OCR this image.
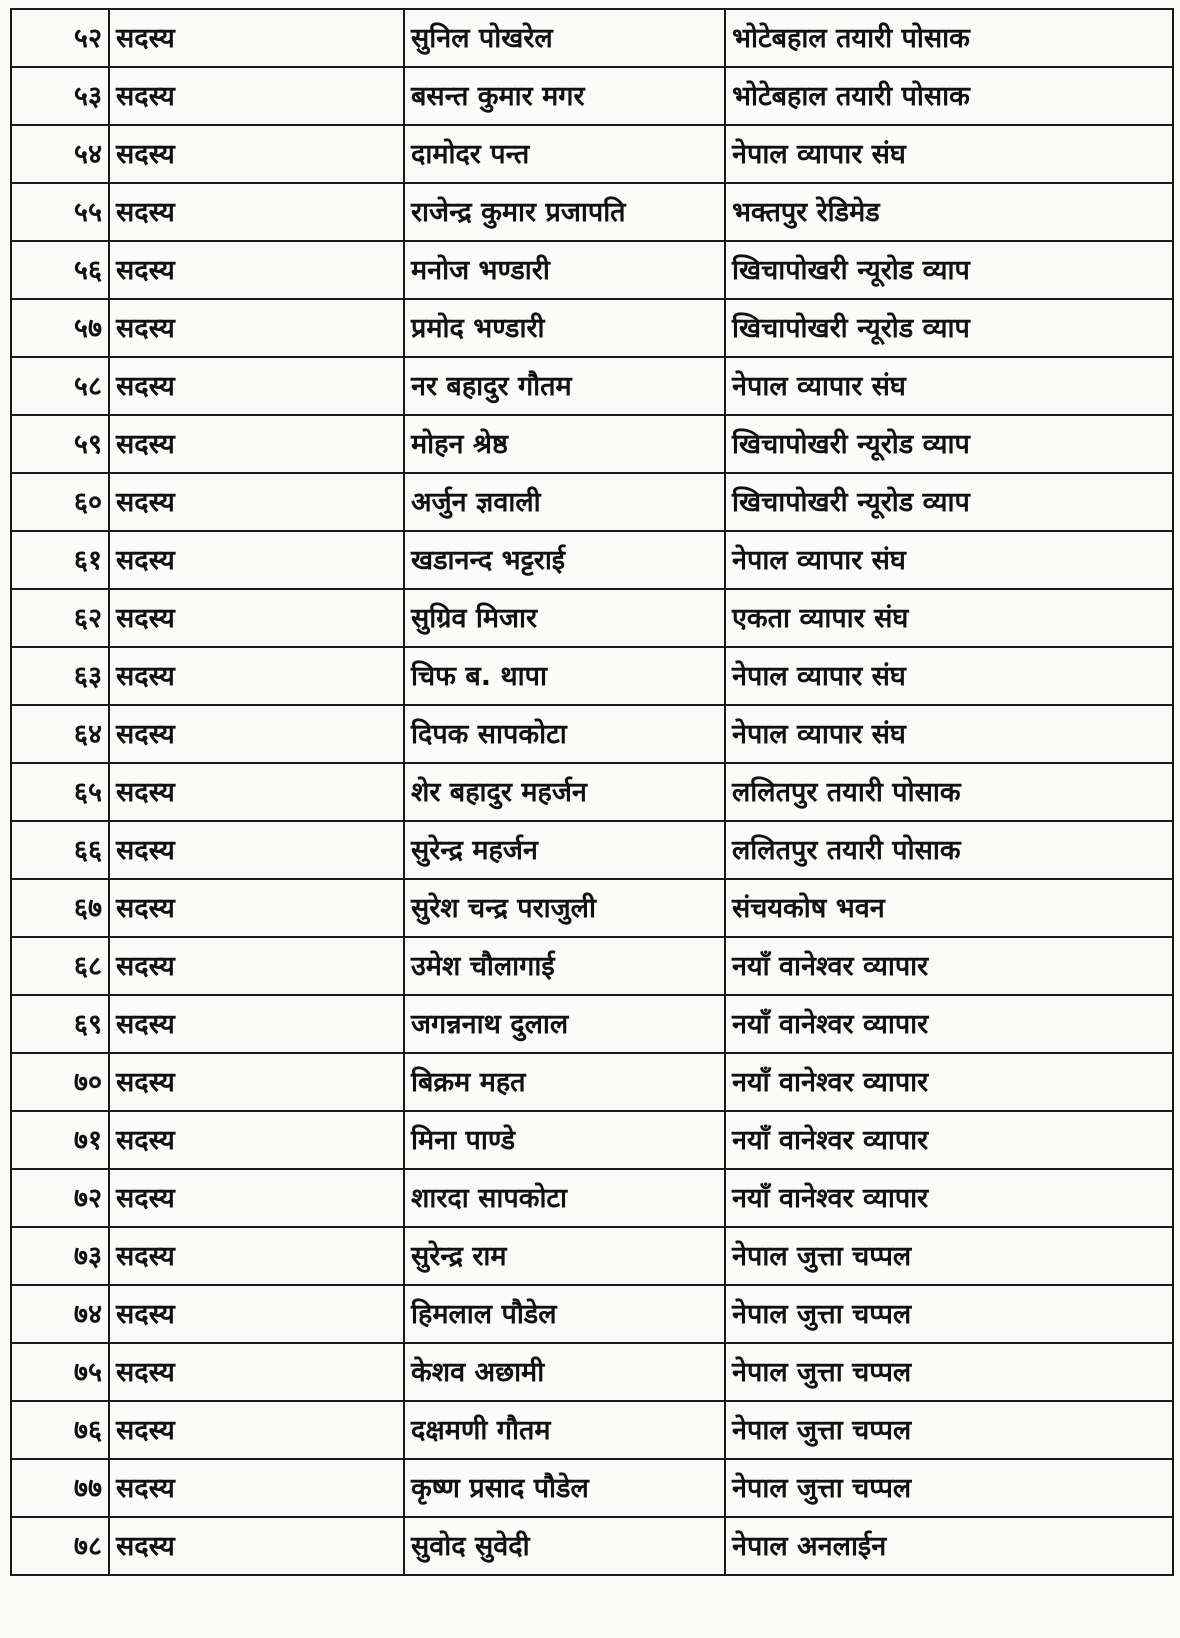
५२	सदस्य	सुनिल पोखरेल	भोटेबहाल तयारी पोसाक
५३	सदस्य	बसन्त कुमार मगर	भोटेबहाल तयारी पोसाक
५४	सदस्य	दामोदर पन्त	नेपाल व्यापार संघ
५५	सदस्य	राजेन्द्र कुमार प्रजापति	भक्तपुर रेडिमेड
५६	सदस्य	मनोज भण्डारी	खिचापोखरी न्यूरोड व्याप
५७	सदस्य	प्रमोद भण्डारी	खिचापोखरी न्यूरोड व्याप
५८	सदस्य	नर बहादुर गौतम	नेपाल व्यापार संघ
५९	सदस्य	मोहन श्रेष्ठ	खिचापोखरी न्यूरोड व्याप
६०	सदस्य	अर्जुन ज्ञवाली	खिचापोखरी न्यूरोड व्याप
६१	सदस्य	खडानन्द भट्टराई	नेपाल व्यापार संघ
६२	सदस्य	सुग्रिव मिजार	एकता व्यापार संघ
६३	सदस्य	चिफ ब. थापा	नेपाल व्यापार संघ
६४	सदस्य	दिपक सापकोटा	नेपाल व्यापार संघ
६५	सदस्य	शेर बहादुर महर्जन	ललितपुर तयारी पोसाक
६६	सदस्य	सुरेन्द्र महर्जन	ललितपुर तयारी पोसाक
६७	सदस्य	सुरेश चन्द्र पराजुली	संचयकोष भवन
६८	सदस्य	उमेश चौलागाई	नयाँ वानेश्वर व्यापार
६९	सदस्य	जगन्ननाथ दुलाल	नयाँ वानेश्वर व्यापार
७०	सदस्य	बिक्रम महत	नयाँ वानेश्वर व्यापार
७१	सदस्य	मिना पाण्डे	नयाँ वानेश्वर व्यापार
७२	सदस्य	शारदा सापकोटा	नयाँ वानेश्वर व्यापार
७३	सदस्य	सुरेन्द्र राम	नेपाल जुत्ता चप्पल
७४	सदस्य	हिमलाल पौडेल	नेपाल जुत्ता चप्पल
७५	सदस्य	केशव अछामी	नेपाल जुत्ता चप्पल
७६	सदस्य	दक्षमणी गौतम	नेपाल जुत्ता चप्पल
७७	सदस्य	कृष्ण प्रसाद पौडेल	नेपाल जुत्ता चप्पल
७८	सदस्य	सुवोद सुवेदी	नेपाल अनलाईन
